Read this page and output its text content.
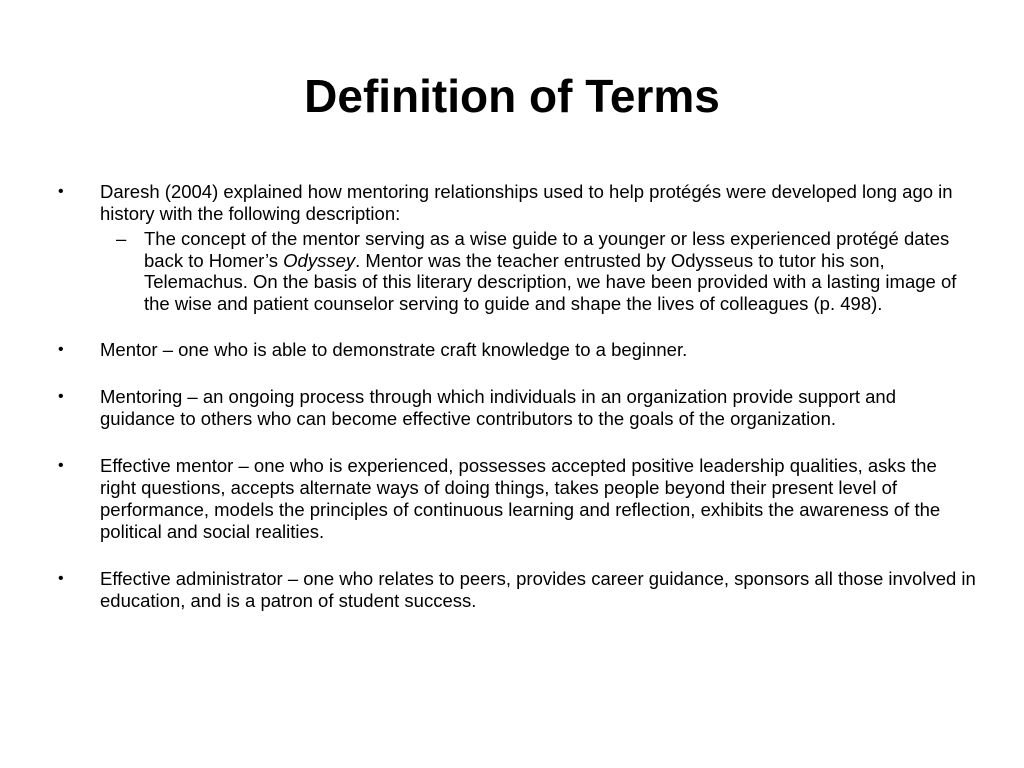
Definition of Terms
• Daresh (2004) explained how mentoring relationships used to help protégés were developed long ago in history with the following description:
– The concept of the mentor serving as a wise guide to a younger or less experienced protégé dates back to Homer’s Odyssey. Mentor was the teacher entrusted by Odysseus to tutor his son, Telemachus. On the basis of this literary description, we have been provided with a lasting image of the wise and patient counselor serving to guide and shape the lives of colleagues (p. 498).
• Mentor – one who is able to demonstrate craft knowledge to a beginner.
• Mentoring – an ongoing process through which individuals in an organization provide support and guidance to others who can become effective contributors to the goals of the organization.
• Effective mentor – one who is experienced, possesses accepted positive leadership qualities, asks the right questions, accepts alternate ways of doing things, takes people beyond their present level of performance, models the principles of continuous learning and reflection, exhibits the awareness of the political and social realities.
• Effective administrator – one who relates to peers, provides career guidance, sponsors all those involved in education, and is a patron of student success.
